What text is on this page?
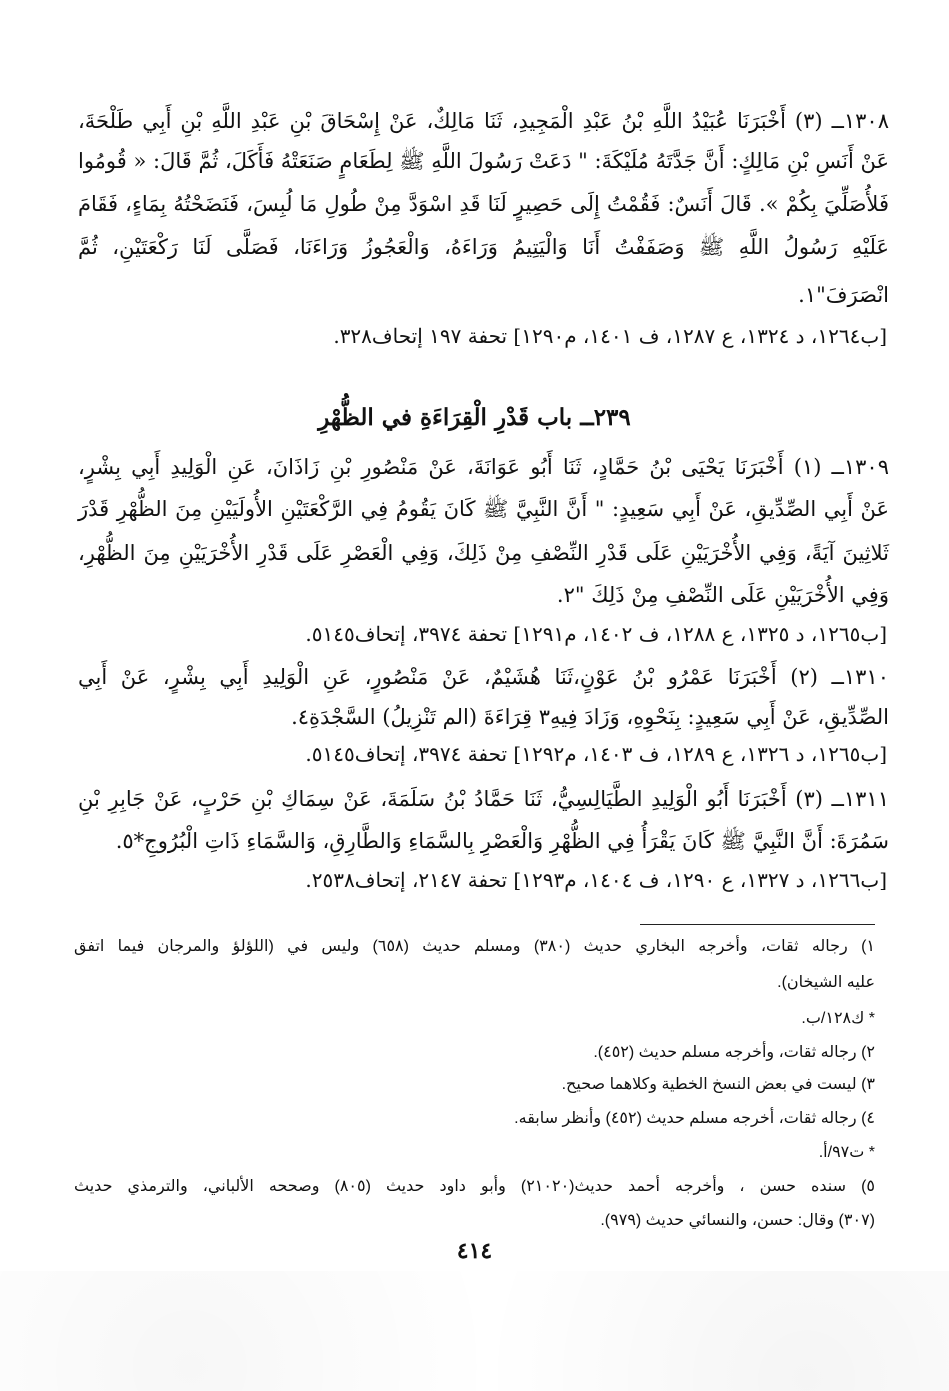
١٣٠٨ــ (٣) أَخْبَرَنَا عُبَيْدُ اللَّهِ بْنُ عَبْدِ الْمَجِيدِ، ثَنَا مَالِكٌ، عَنْ إِسْحَاقَ بْنِ عَبْدِ اللَّهِ بْنِ أَبِي طَلْحَةَ،
عَنْ أَنَسِ بْنِ مَالِكٍ: أَنَّ جَدَّتَهُ مُلَيْكَةَ: " دَعَتْ رَسُولَ اللَّهِ ﷺ لِطَعَامٍ صَنَعَتْهُ فَأَكَلَ، ثُمَّ قَالَ: « قُومُوا
فَلأُصَلِّيَ بِكُمْ ». قَالَ أَنَسٌ: فَقُمْتُ إِلَى حَصِيرٍ لَنَا قَدِ اسْوَدَّ مِنْ طُولِ مَا لُبِسَ، فَنَضَحْتُهُ بِمَاءٍ، فَقَامَ
عَلَيْهِ رَسُولُ اللَّهِ ﷺ وَصَفَفْتُ أَنَا وَالْيَتِيمُ وَرَاءَهُ، وَالْعَجُوزُ وَرَاءَنَا، فَصَلَّى لَنَا رَكْعَتَيْنِ، ثُمَّ
انْصَرَفَ"١.
[ب١٢٦٤، د ١٣٢٤، ع ١٢٨٧، ف ١٤٠١، م١٢٩٠] تحفة ١٩٧ إتحاف٣٢٨.
٢٣٩ــ باب قَدْرِ الْقِرَاءَةِ في الظُّهْرِ
١٣٠٩ــ (١) أَخْبَرَنَا يَحْيَى بْنُ حَمَّادٍ، ثَنَا أَبُو عَوَانَةَ، عَنْ مَنْصُورِ بْنِ زَاذَانَ، عَنِ الْوَلِيدِ أَبِي بِشْرٍ،
عَنْ أَبِي الصِّدِّيقِ، عَنْ أَبِي سَعِيدٍ: " أَنَّ النَّبِيَّ ﷺ كَانَ يَقُومُ فِي الرَّكْعَتَيْنِ الأُولَيَيْنِ مِنَ الظُّهْرِ قَدْرَ
ثَلاثِينَ آيَةً، وَفِي الأُخْرَيَيْنِ عَلَى قَدْرِ النِّصْفِ مِنْ ذَلِكَ، وَفِي الْعَصْرِ عَلَى قَدْرِ الأُخْرَيَيْنِ مِنَ الظُّهْرِ،
وَفِي الأُخْرَيَيْنِ عَلَى النِّصْفِ مِنْ ذَلِكَ "٢.
[ب١٢٦٥، د ١٣٢٥، ع ١٢٨٨، ف ١٤٠٢، م١٢٩١] تحفة ٣٩٧٤، إتحاف٥١٤٥.
١٣١٠ــ (٢) أَخْبَرَنَا عَمْرُو بْنُ عَوْنٍ،ثَنَا هُشَيْمٌ، عَنْ مَنْصُورٍ، عَنِ الْوَلِيدِ أَبِي بِشْرٍ، عَنْ أَبِي
الصِّدِّيقِ، عَنْ أَبِي سَعِيدٍ: بِنَحْوِهِ، وَزَادَ فِيهِ٣ قِرَاءَةَ (الم تَنْزِيلُ) السَّجْدَةِ٤.
[ب١٢٦٥، د ١٣٢٦، ع ١٢٨٩، ف ١٤٠٣، م١٢٩٢] تحفة ٣٩٧٤، إتحاف٥١٤٥.
١٣١١ــ (٣) أَخْبَرَنَا أَبُو الْوَلِيدِ الطَّيَالِسِيُّ، ثَنَا حَمَّادُ بْنُ سَلَمَةَ، عَنْ سِمَاكِ بْنِ حَرْبٍ، عَنْ جَابِرِ بْنِ
سَمُرَةَ: أَنَّ النَّبِيَّ ﷺ كَانَ يَقْرَأُ فِي الظُّهْرِ وَالْعَصْرِ بِالسَّمَاءِ وَالطَّارِقِ، وَالسَّمَاءِ ذَاتِ الْبُرُوجِ*٥.
[ب١٢٦٦، د ١٣٢٧، ع ١٢٩٠، ف ١٤٠٤، م١٢٩٣] تحفة ٢١٤٧، إتحاف٢٥٣٨.
١) رجاله ثقات، وأخرجه البخاري حديث (٣٨٠) ومسلم حديث (٦٥٨) وليس في (اللؤلؤ والمرجان فيما اتفق
عليه الشيخان).
* ك١٢٨/ب.
٢) رجاله ثقات، وأخرجه مسلم حديث (٤٥٢).
٣) ليست في بعض النسخ الخطية وكلاهما صحيح.
٤) رجاله ثقات، أخرجه مسلم حديث (٤٥٢) وأنظر سابقه.
* ت٩٧/أ.
٥) سنده حسن ، وأخرجه أحمد حديث(٢١٠٢٠) وأبو داود حديث (٨٠٥) وصححه الألباني، والترمذي حديث
(٣٠٧) وقال: حسن، والنسائي حديث (٩٧٩).
٤١٤
